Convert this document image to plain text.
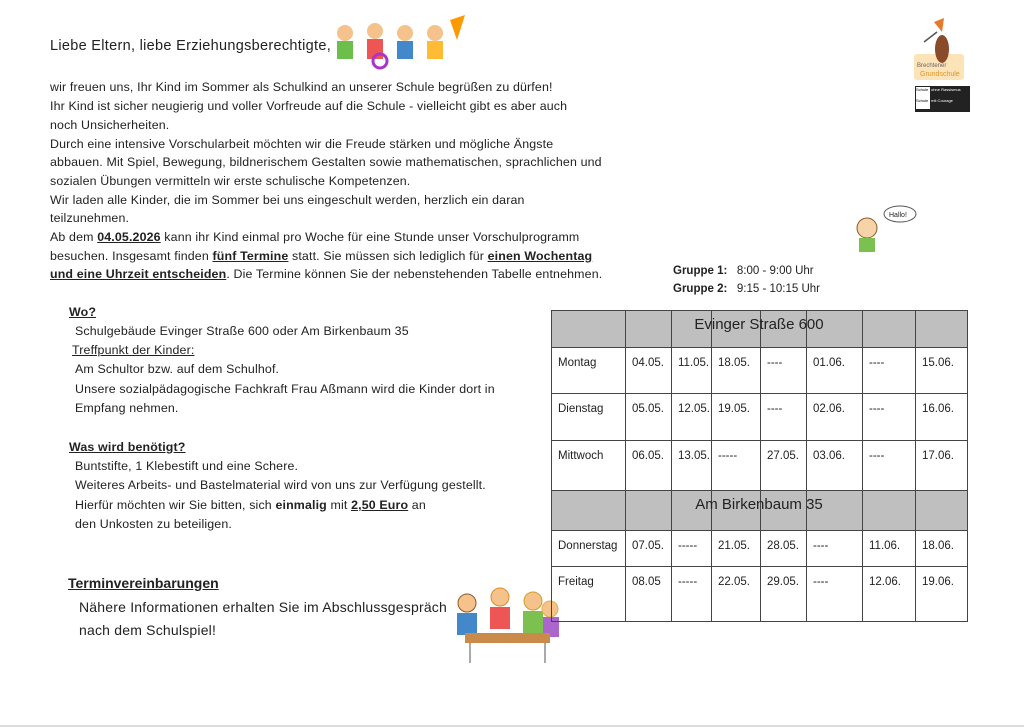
Liebe Eltern, liebe Erziehungsberechtigte,
Brechtener
Grundschule
Schule ohne Rassismus
Schule mit Courage
Hallo!
wir freuen uns, Ihr Kind im Sommer als Schulkind an unserer Schule begrüßen zu dürfen!
Ihr Kind ist sicher neugierig und voller Vorfreude auf die Schule - vielleicht gibt es aber auch
noch Unsicherheiten.
Durch eine intensive Vorschularbeit möchten wir die Freude stärken und mögliche Ängste
abbauen. Mit Spiel, Bewegung, bildnerischem Gestalten sowie mathematischen, sprachlichen und
sozialen Übungen vermitteln wir erste schulische Kompetenzen.
Wir laden alle Kinder, die im Sommer bei uns eingeschult werden, herzlich ein daran
teilzunehmen.
Ab dem 04.05.2026 kann ihr Kind einmal pro Woche für eine Stunde unser Vorschulprogramm
besuchen. Insgesamt finden fünf Termine statt. Sie müssen sich lediglich für einen Wochentag
und eine Uhrzeit entscheiden. Die Termine können Sie der nebenstehenden Tabelle entnehmen.	Gruppe 1: 8:00 - 9:00 Uhr
Gruppe 2: 9:15 - 10:15 Uhr
Wo?
Schulgebäude Evinger Straße 600 oder Am Birkenbaum 35
Treffpunkt der Kinder:
Am Schultor bzw. auf dem Schulhof.
Unsere sozialpädagogische Fachkraft Frau Aßmann wird die Kinder dort in
Empfang nehmen.
Was wird benötigt?
Buntstifte, 1 Klebestift und eine Schere.
Weiteres Arbeits- und Bastelmaterial wird von uns zur Verfügung gestellt.
Hierfür möchten wir Sie bitten, sich einmalig mit 2,50 Euro an
den Unkosten zu beteiligen.
Terminvereinbarungen
Nähere Informationen erhalten Sie im Abschlussgespräch
nach dem Schulspiel!
Evinger Straße 600
Montag	04.05.	11.05. 18.05.	----	01.06.	----	15.06.
Dienstag	05.05.	12.05. 19.05.	----	02.06.	----	16.06.
Mittwoch	06.05.	13.05. -----	27.05.	03.06.	----	17.06.
Am Birkenbaum 35
Donnerstag	07.05.	-----	21.05.	28.05.	----	11.06.	18.06.
Freitag	08.05	-----	22.05.	29.05.	----	12.06.	19.06.
